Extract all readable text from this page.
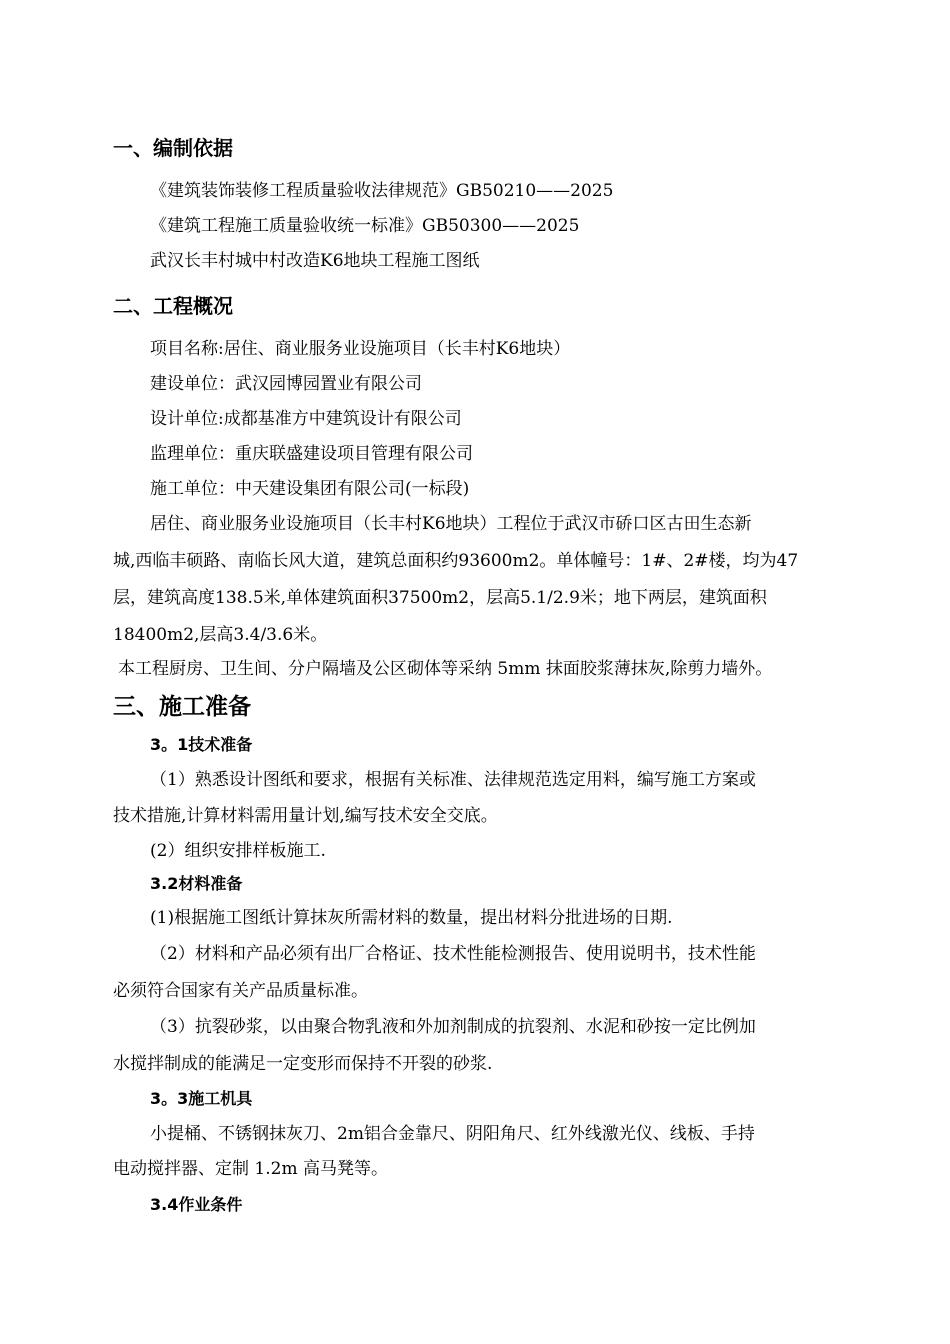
一、编制依据
《建筑装饰装修工程质量验收法律规范》GB50210——2025
《建筑工程施工质量验收统一标准》GB50300——2025
武汉长丰村城中村改造K6地块工程施工图纸
二、工程概况
项目名称:居住、商业服务业设施项目（长丰村K6地块）
建设单位：武汉园博园置业有限公司
设计单位:成都基准方中建筑设计有限公司
监理单位：重庆联盛建设项目管理有限公司
施工单位：中天建设集团有限公司(一标段)
居住、商业服务业设施项目（长丰村K6地块）工程位于武汉市硚口区古田生态新
城,西临丰硕路、南临长风大道，建筑总面积约93600m2。单体幢号：1#、2#楼，均为47
层，建筑高度138.5米,单体建筑面积37500m2，层高5.1/2.9米；地下两层，建筑面积
18400m2,层高3.4/3.6米。
本工程厨房、卫生间、分户隔墙及公区砌体等采纳 5mm 抹面胶浆薄抹灰,除剪力墙外。
三、施工准备
3。1技术准备
（1）熟悉设计图纸和要求，根据有关标准、法律规范选定用料，编写施工方案或
技术措施,计算材料需用量计划,编写技术安全交底。
(2）组织安排样板施工.
3.2材料准备
(1)根据施工图纸计算抹灰所需材料的数量，提出材料分批进场的日期.
（2）材料和产品必须有出厂合格证、技术性能检测报告、使用说明书，技术性能
必须符合国家有关产品质量标准。
（3）抗裂砂浆，以由聚合物乳液和外加剂制成的抗裂剂、水泥和砂按一定比例加
水搅拌制成的能满足一定变形而保持不开裂的砂浆.
3。3施工机具
小提桶、不锈钢抹灰刀、2m铝合金靠尺、阴阳角尺、红外线激光仪、线板、手持
电动搅拌器、定制 1.2m 高马凳等。
3.4作业条件
